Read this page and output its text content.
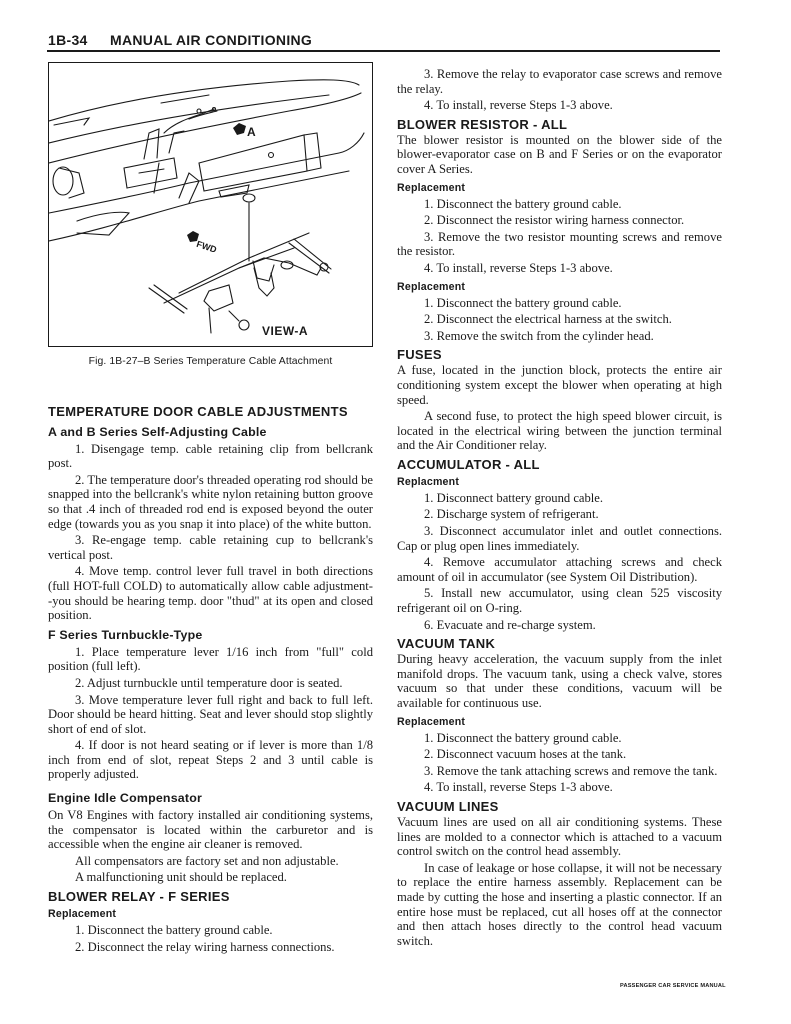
1B-34 MANUAL AIR CONDITIONING
A
FWD
VIEW-A
Fig. 1B-27–B Series Temperature Cable Attachment
TEMPERATURE DOOR CABLE ADJUSTMENTS
A and B Series Self-Adjusting Cable

1. Disengage temp. cable retaining clip from bellcrank post.

2. The temperature door's threaded operating rod should be snapped into the bellcrank's white nylon retaining button groove so that .4 inch of threaded rod end is exposed beyond the outer edge (towards you as you snap it into place) of the white button.

3. Re-engage temp. cable retaining cup to bellcrank's vertical post.

4. Move temp. control lever full travel in both directions (full HOT-full COLD) to automatically allow cable adjustment--you should be hearing temp. door "thud" at its open and closed position.

F Series Turnbuckle-Type

1. Place temperature lever 1/16 inch from "full" cold position (full left).

2. Adjust turnbuckle until temperature door is seated.

3. Move temperature lever full right and back to full left. Door should be heard hitting. Seat and lever should stop slightly short of end of slot.

4. If door is not heard seating or if lever is more than 1/8 inch from end of slot, repeat Steps 2 and 3 until cable is properly adjusted.

Engine Idle Compensator

On V8 Engines with factory installed air conditioning systems, the compensator is located within the carburetor and is accessible when the engine air cleaner is removed.

All compensators are factory set and non adjustable.

A malfunctioning unit should be replaced.

BLOWER RELAY - F SERIES
Replacement

1. Disconnect the battery ground cable.

2. Disconnect the relay wiring harness connections.

3. Remove the relay to evaporator case screws and remove the relay.

4. To install, reverse Steps 1-3 above.

BLOWER RESISTOR - ALL

The blower resistor is mounted on the blower side of the blower-evaporator case on B and F Series or on the evaporator cover A Series.

Replacement

1. Disconnect the battery ground cable.

2. Disconnect the resistor wiring harness connector.

3. Remove the two resistor mounting screws and remove the resistor.

4. To install, reverse Steps 1-3 above.

Replacement

1. Disconnect the battery ground cable.

2. Disconnect the electrical harness at the switch.

3. Remove the switch from the cylinder head.

FUSES

A fuse, located in the junction block, protects the entire air conditioning system except the blower when operating at high speed.

A second fuse, to protect the high speed blower circuit, is located in the electrical wiring between the junction terminal and the Air Conditioner relay.

ACCUMULATOR - ALL
Replacment

1. Disconnect battery ground cable.

2. Discharge system of refrigerant.

3. Disconnect accumulator inlet and outlet connections. Cap or plug open lines immediately.

4. Remove accumulator attaching screws and check amount of oil in accumulator (see System Oil Distribution).

5. Install new accumulator, using clean 525 viscosity refrigerant oil on O-ring.

6. Evacuate and re-charge system.

VACUUM TANK

During heavy acceleration, the vacuum supply from the inlet manifold drops. The vacuum tank, using a check valve, stores vacuum so that under these conditions, vacuum will be available for continuous use.

Replacement

1. Disconnect the battery ground cable.

2. Disconnect vacuum hoses at the tank.

3. Remove the tank attaching screws and remove the tank.

4. To install, reverse Steps 1-3 above.

VACUUM LINES

Vacuum lines are used on all air conditioning systems. These lines are molded to a connector which is attached to a vacuum control switch on the control head assembly.

In case of leakage or hose collapse, it will not be necessary to replace the entire harness assembly. Replacement can be made by cutting the hose and inserting a plastic connector. If an entire hose must be replaced, cut all hoses off at the connector and then attach hoses directly to the control head vacuum switch.

PASSENGER CAR SERVICE MANUAL
